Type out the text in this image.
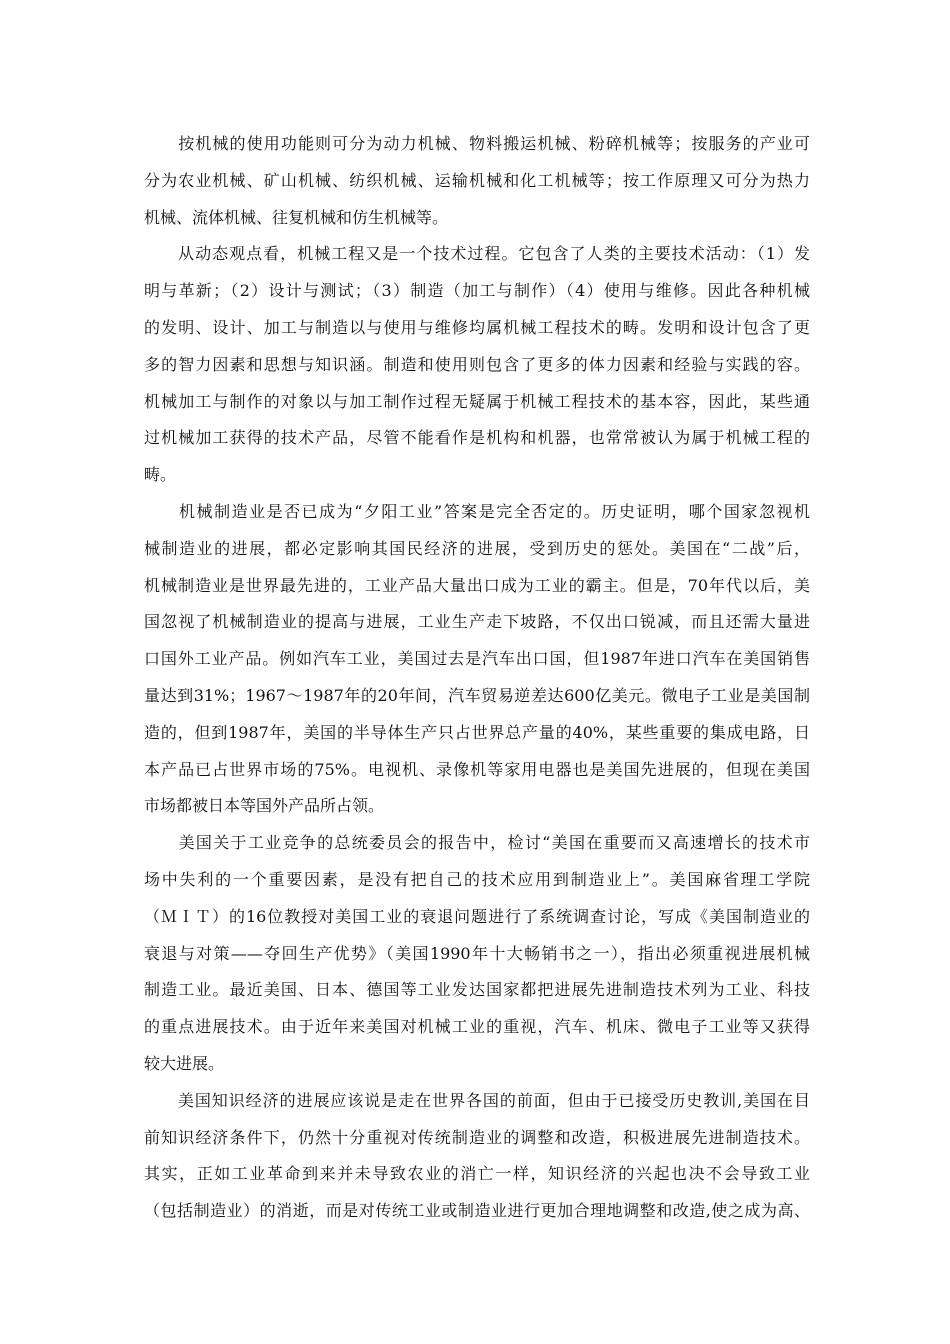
　　按机械的使用功能则可分为动力机械、物料搬运机械、粉碎机械等；按服务的产业可
分为农业机械、矿山机械、纺织机械、运输机械和化工机械等；按工作原理又可分为热力
机械、流体机械、往复机械和仿生机械等。
　　从动态观点看，机械工程又是一个技术过程。它包含了人类的主要技术活动：（1）发
明与革新；（2）设计与测试；（3）制造（加工与制作）（4）使用与维修。因此各种机械
的发明、设计、加工与制造以与使用与维修均属机械工程技术的畴。发明和设计包含了更
多的智力因素和思想与知识涵。制造和使用则包含了更多的体力因素和经验与实践的容。
机械加工与制作的对象以与加工制作过程无疑属于机械工程技术的基本容，因此，某些通
过机械加工获得的技术产品，尽管不能看作是机构和机器，也常常被认为属于机械工程的
畴。
　　机械制造业是否已成为“夕阳工业”答案是完全否定的。历史证明，哪个国家忽视机
械制造业的进展，都必定影响其国民经济的进展，受到历史的惩处。美国在“二战”后，
机械制造业是世界最先进的，工业产品大量出口成为工业的霸主。但是，70年代以后，美
国忽视了机械制造业的提高与进展，工业生产走下坡路，不仅出口锐减，而且还需大量进
口国外工业产品。例如汽车工业，美国过去是汽车出口国，但1987年进口汽车在美国销售
量达到31%；1967～1987年的20年间，汽车贸易逆差达600亿美元。微电子工业是美国制
造的，但到1987年，美国的半导体生产只占世界总产量的40%，某些重要的集成电路，日
本产品已占世界市场的75%。电视机、录像机等家用电器也是美国先进展的，但现在美国
市场都被日本等国外产品所占领。
　　美国关于工业竞争的总统委员会的报告中，检讨“美国在重要而又高速增长的技术市
场中失利的一个重要因素，是没有把自己的技术应用到制造业上”。美国麻省理工学院
（ＭＩＴ）的16位教授对美国工业的衰退问题进行了系统调查讨论，写成《美国制造业的
衰退与对策——夺回生产优势》（美国1990年十大畅销书之一），指出必须重视进展机械
制造工业。最近美国、日本、德国等工业发达国家都把进展先进制造技术列为工业、科技
的重点进展技术。由于近年来美国对机械工业的重视，汽车、机床、微电子工业等又获得
较大进展。
　　美国知识经济的进展应该说是走在世界各国的前面，但由于已接受历史教训,美国在目
前知识经济条件下，仍然十分重视对传统制造业的调整和改造，积极进展先进制造技术。
其实，正如工业革命到来并未导致农业的消亡一样，知识经济的兴起也决不会导致工业
（包括制造业）的消逝，而是对传统工业或制造业进行更加合理地调整和改造,使之成为高、
